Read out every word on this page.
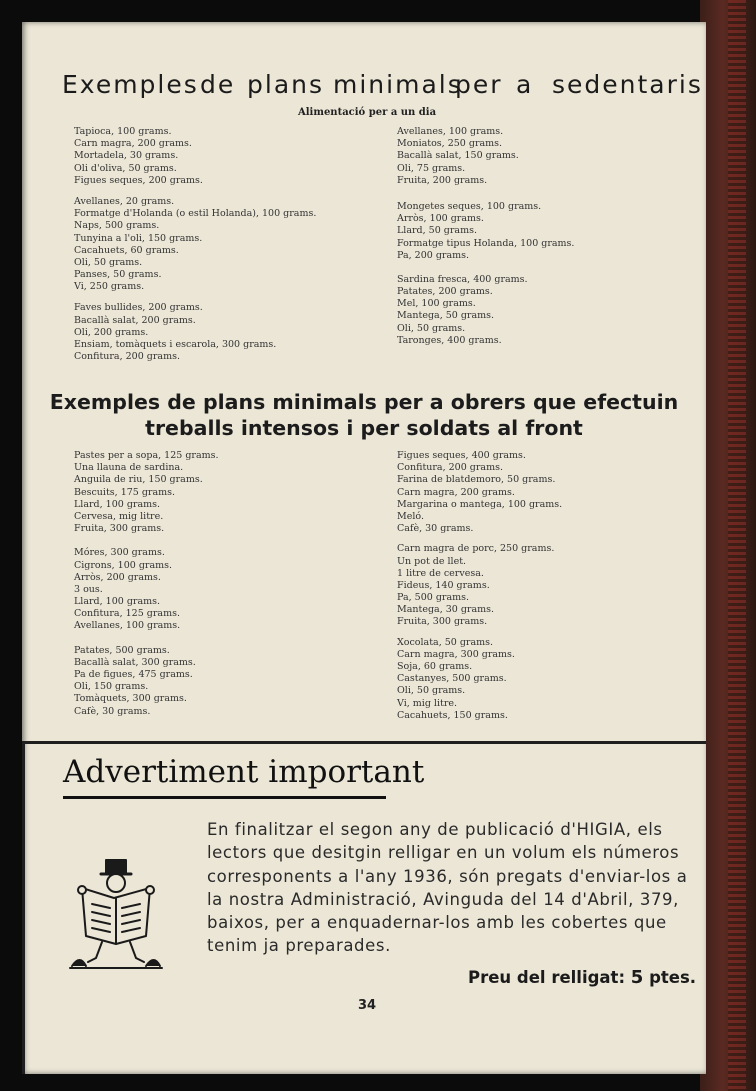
Exemples de plans minimals
per a sedentaris
Alimentació per a un dia
Tapioca, 100 grams.
Carn magra, 200 grams.
Mortadela, 30 grams.
Oli d'oliva, 50 grams.
Figues seques, 200 grams.
Avellanes, 20 grams.
Formatge d'Holanda (o estil Holanda), 100 grams.
Naps, 500 grams.
Tunyina a l'oli, 150 grams.
Cacahuets, 60 grams.
Oli, 50 grams.
Panses, 50 grams.
Vi, 250 grams.
Faves bullides, 200 grams.
Bacallà salat, 200 grams.
Oli, 200 grams.
Ensiam, tomàquets i escarola, 300 grams.
Confitura, 200 grams.
Avellanes, 100 grams.
Moniatos, 250 grams.
Bacallà salat, 150 grams.
Oli, 75 grams.
Fruita, 200 grams.
Mongetes seques, 100 grams.
Arròs, 100 grams.
Llard, 50 grams.
Formatge tipus Holanda, 100 grams.
Pa, 200 grams.
Sardina fresca, 400 grams.
Patates, 200 grams.
Mel, 100 grams.
Mantega, 50 grams.
Oli, 50 grams.
Taronges, 400 grams.
Exemples de plans minimals per a obrers que efectuin
treballs intensos i per soldats al front
Pastes per a sopa, 125 grams.
Una llauna de sardina.
Anguila de riu, 150 grams.
Bescuits, 175 grams.
Llard, 100 grams.
Cervesa, mig litre.
Fruita, 300 grams.
Móres, 300 grams.
Cigrons, 100 grams.
Arròs, 200 grams.
3 ous.
Llard, 100 grams.
Confitura, 125 grams.
Avellanes, 100 grams.
Patates, 500 grams.
Bacallà salat, 300 grams.
Pa de figues, 475 grams.
Oli, 150 grams.
Tomàquets, 300 grams.
Cafè, 30 grams.
Figues seques, 400 grams.
Confitura, 200 grams.
Farina de blatdemoro, 50 grams.
Carn magra, 200 grams.
Margarina o mantega, 100 grams.
Meló.
Cafè, 30 grams.
Carn magra de porc, 250 grams.
Un pot de llet.
1 litre de cervesa.
Fideus, 140 grams.
Pa, 500 grams.
Mantega, 30 grams.
Fruita, 300 grams.
Xocolata, 50 grams.
Carn magra, 300 grams.
Soja, 60 grams.
Castanyes, 500 grams.
Oli, 50 grams.
Vi, mig litre.
Cacahuets, 150 grams.
Advertiment important
En finalitzar el segon any de publicació d'HIGIA, els
lectors que desitgin relligar en un volum els números
corresponents a l'any 1936, són pregats d'enviar-los a
la nostra Administració, Avinguda del 14 d'Abril, 379,
baixos, per a enquadernar-los amb les cobertes que
tenim ja preparades.
Preu del relligat: 5 ptes.
34
